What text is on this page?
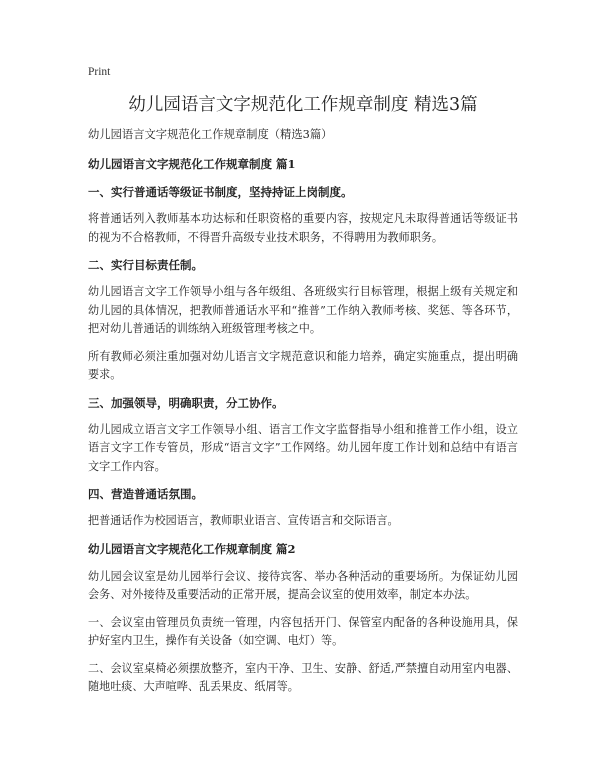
Print
幼儿园语言文字规范化工作规章制度 精选3篇

幼儿园语言文字规范化工作规章制度（精选3篇）

幼儿园语言文字规范化工作规章制度 篇1

一、实行普通话等级证书制度，坚持持证上岗制度。

将普通话列入教师基本功达标和任职资格的重要内容，按规定凡未取得普通话等级证书的视为不合格教师，不得晋升高级专业技术职务，不得聘用为教师职务。

二、实行目标责任制。

幼儿园语言文字工作领导小组与各年级组、各班级实行目标管理，根据上级有关规定和幼儿园的具体情况，把教师普通话水平和“推普”工作纳入教师考核、奖惩、等各环节，把对幼儿普通话的训练纳入班级管理考核之中。

所有教师必须注重加强对幼儿语言文字规范意识和能力培养，确定实施重点，提出明确要求。

三、加强领导，明确职责，分工协作。

幼儿园成立语言文字工作领导小组、语言工作文字监督指导小组和推普工作小组，设立语言文字工作专管员，形成“语言文字”工作网络。幼儿园年度工作计划和总结中有语言文字工作内容。

四、营造普通话氛围。

把普通话作为校园语言，教师职业语言、宣传语言和交际语言。

幼儿园语言文字规范化工作规章制度 篇2

幼儿园会议室是幼儿园举行会议、接待宾客、举办各种活动的重要场所。为保证幼儿园会务、对外接待及重要活动的正常开展，提高会议室的使用效率，制定本办法。

一、会议室由管理员负责统一管理，内容包括开门、保管室内配备的各种设施用具，保护好室内卫生，操作有关设备（如空调、电灯）等。

二、会议室桌椅必须摆放整齐，室内干净、卫生、安静、舒适,严禁擅自动用室内电器、随地吐痰、大声喧哗、乱丢果皮、纸屑等。
